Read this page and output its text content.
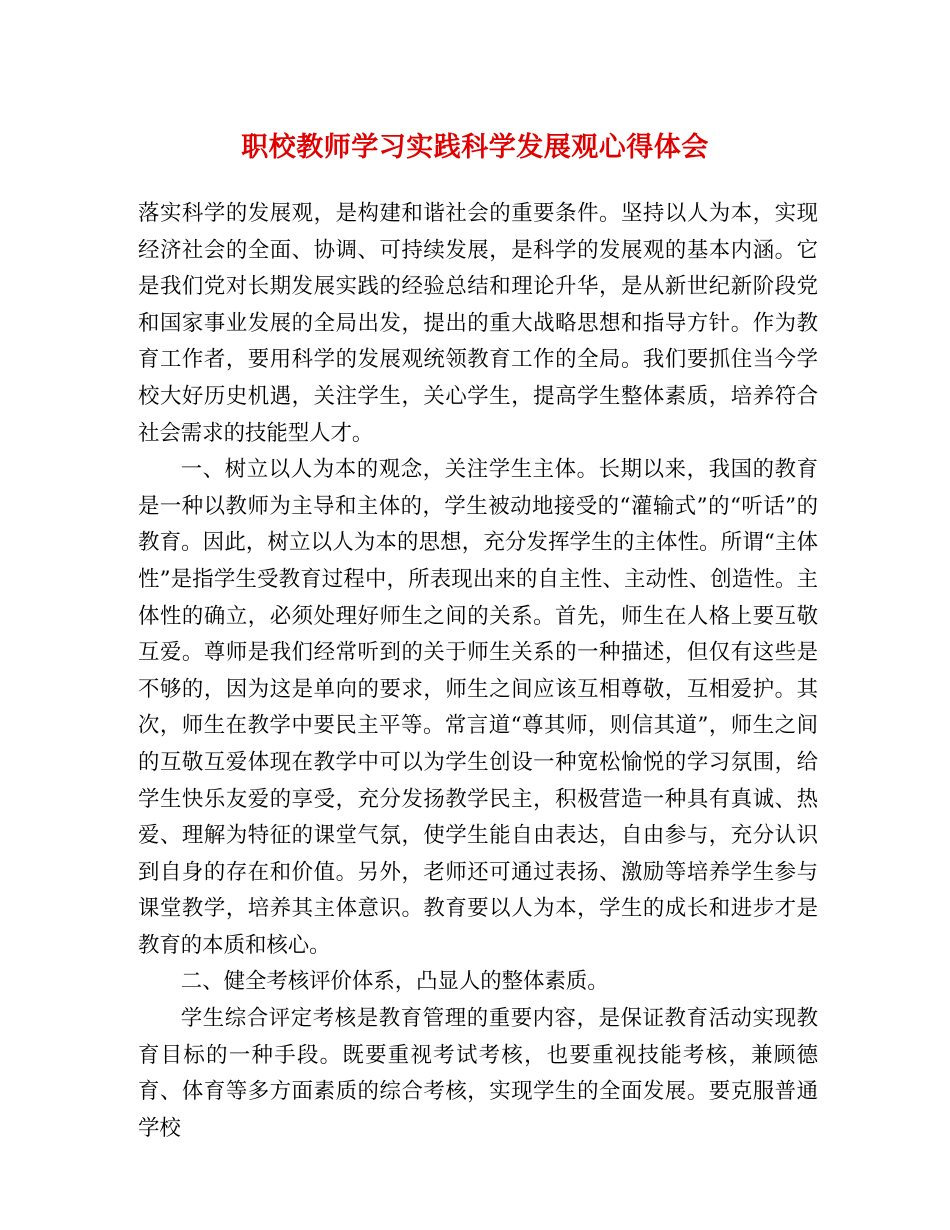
职校教师学习实践科学发展观心得体会

落实科学的发展观，是构建和谐社会的重要条件。坚持以人为本，实现经济社会的全面、协调、可持续发展，是科学的发展观的基本内涵。它是我们党对长期发展实践的经验总结和理论升华，是从新世纪新阶段党和国家事业发展的全局出发，提出的重大战略思想和指导方针。作为教育工作者，要用科学的发展观统领教育工作的全局。我们要抓住当今学校大好历史机遇，关注学生，关心学生，提高学生整体素质，培养符合社会需求的技能型人才。

一、树立以人为本的观念，关注学生主体。长期以来，我国的教育是一种以教师为主导和主体的，学生被动地接受的“灌输式”的“听话”的教育。因此，树立以人为本的思想，充分发挥学生的主体性。所谓“主体性”是指学生受教育过程中，所表现出来的自主性、主动性、创造性。主体性的确立，必须处理好师生之间的关系。首先，师生在人格上要互敬互爱。尊师是我们经常听到的关于师生关系的一种描述，但仅有这些是不够的，因为这是单向的要求，师生之间应该互相尊敬，互相爱护。其次，师生在教学中要民主平等。常言道“尊其师，则信其道”，师生之间的互敬互爱体现在教学中可以为学生创设一种宽松愉悦的学习氛围，给学生快乐友爱的享受，充分发扬教学民主，积极营造一种具有真诚、热爱、理解为特征的课堂气氛，使学生能自由表达，自由参与，充分认识到自身的存在和价值。另外，老师还可通过表扬、激励等培养学生参与课堂教学，培养其主体意识。教育要以人为本，学生的成长和进步才是教育的本质和核心。

二、健全考核评价体系，凸显人的整体素质。

学生综合评定考核是教育管理的重要内容，是保证教育活动实现教育目标的一种手段。既要重视考试考核，也要重视技能考核，兼顾德育、体育等多方面素质的综合考核，实现学生的全面发展。要克服普通学校
